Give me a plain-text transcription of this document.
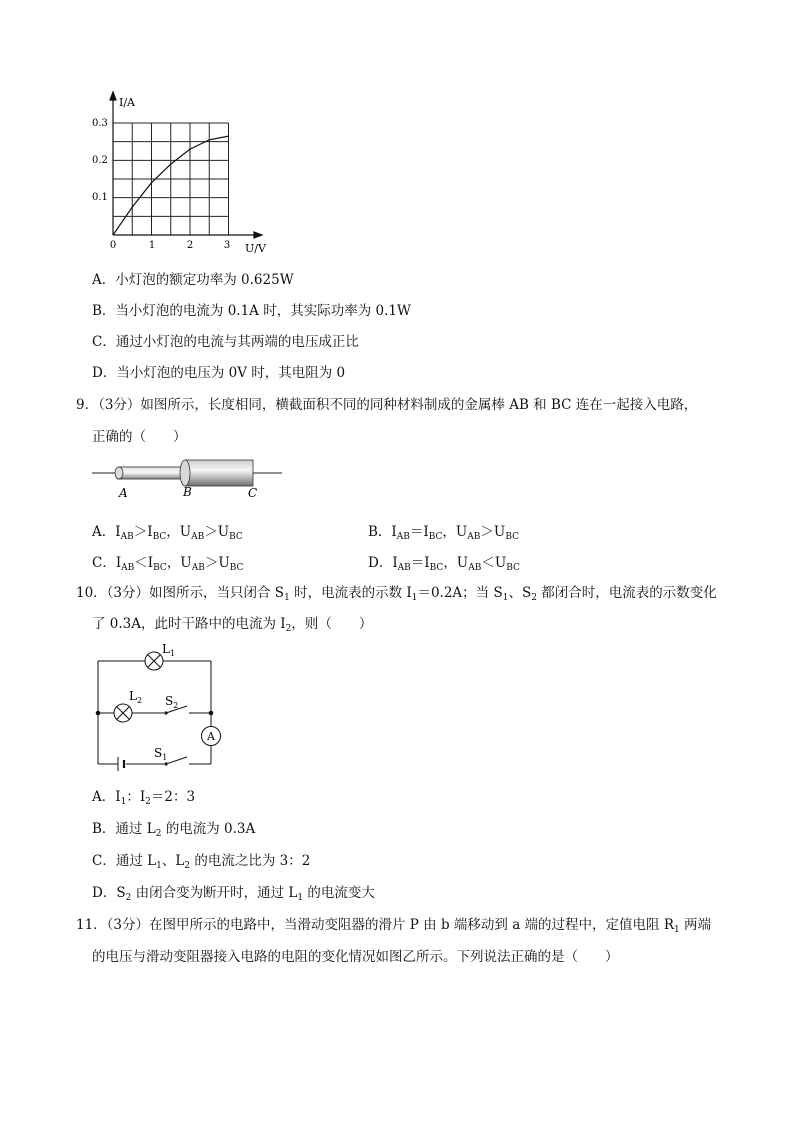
I/A
U/V
0.1
0.2
0.3
0	1	2	3
A．小灯泡的额定功率为 0.625W
B．当小灯泡的电流为 0.1A 时，其实际功率为 0.1W
C．通过小灯泡的电流与其两端的电压成正比
D．当小灯泡的电压为 0V 时，其电阻为 0
9．（3分）如图所示，长度相同，横截面积不同的同种材料制成的金属棒 AB 和 BC 连在一起接入电路，
正确的（　　）
A	B	C
A．$I_{AB}>I_{BC}$，$U_{AB}>U_{BC}$	B．$I_{AB}=I_{BC}$，$U_{AB}>U_{BC}$
C．$I_{AB}<I_{BC}$，$U_{AB}>U_{BC}$	D．$I_{AB}=I_{BC}$，$U_{AB}<U_{BC}$
10．（3分）如图所示，当只闭合 $S_1$ 时，电流表的示数 $I_1=0.2A$；当 $S_1$、$S_2$ 都闭合时，电流表的示数变化
了 0.3A，此时干路中的电流为 $I_2$，则（　　）
A
$L_1$
$L_2$ $S_2$
$S_1$
A．$I_1$：$I_2=2$：3
B．通过 $L_2$ 的电流为 0.3A
C．通过 $L_1$、$L_2$ 的电流之比为 3：2
D．$S_2$ 由闭合变为断开时，通过 $L_1$ 的电流变大
11．（3分）在图甲所示的电路中，当滑动变阻器的滑片 P 由 b 端移动到 a 端的过程中，定值电阻 $R_1$ 两端
的电压与滑动变阻器接入电路的电阻的变化情况如图乙所示。下列说法正确的是（　　）
